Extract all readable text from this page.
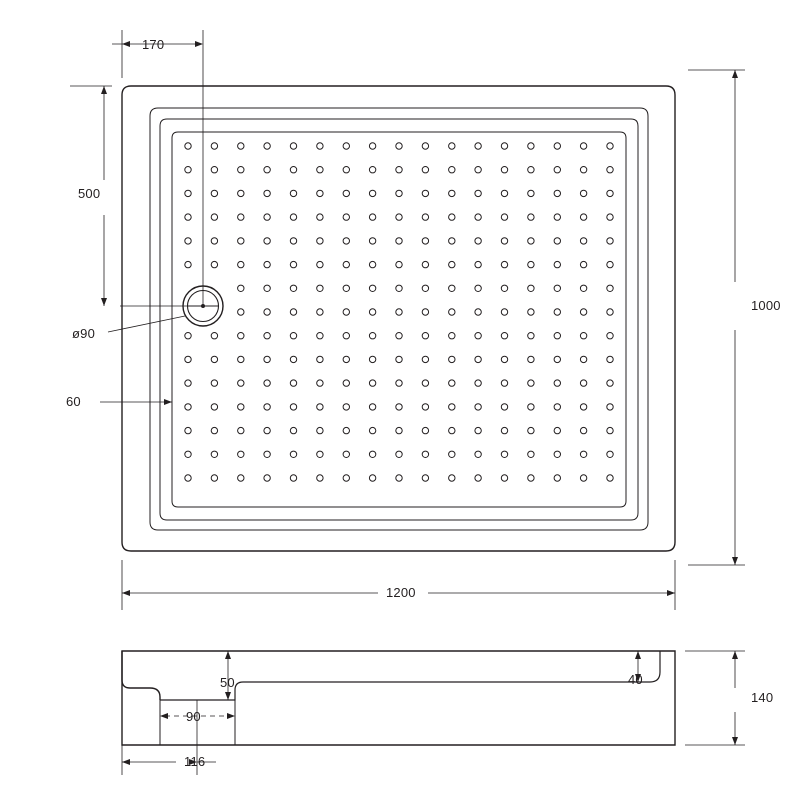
170
500
ø90
60
1200
1000
50	40
90
116
140
